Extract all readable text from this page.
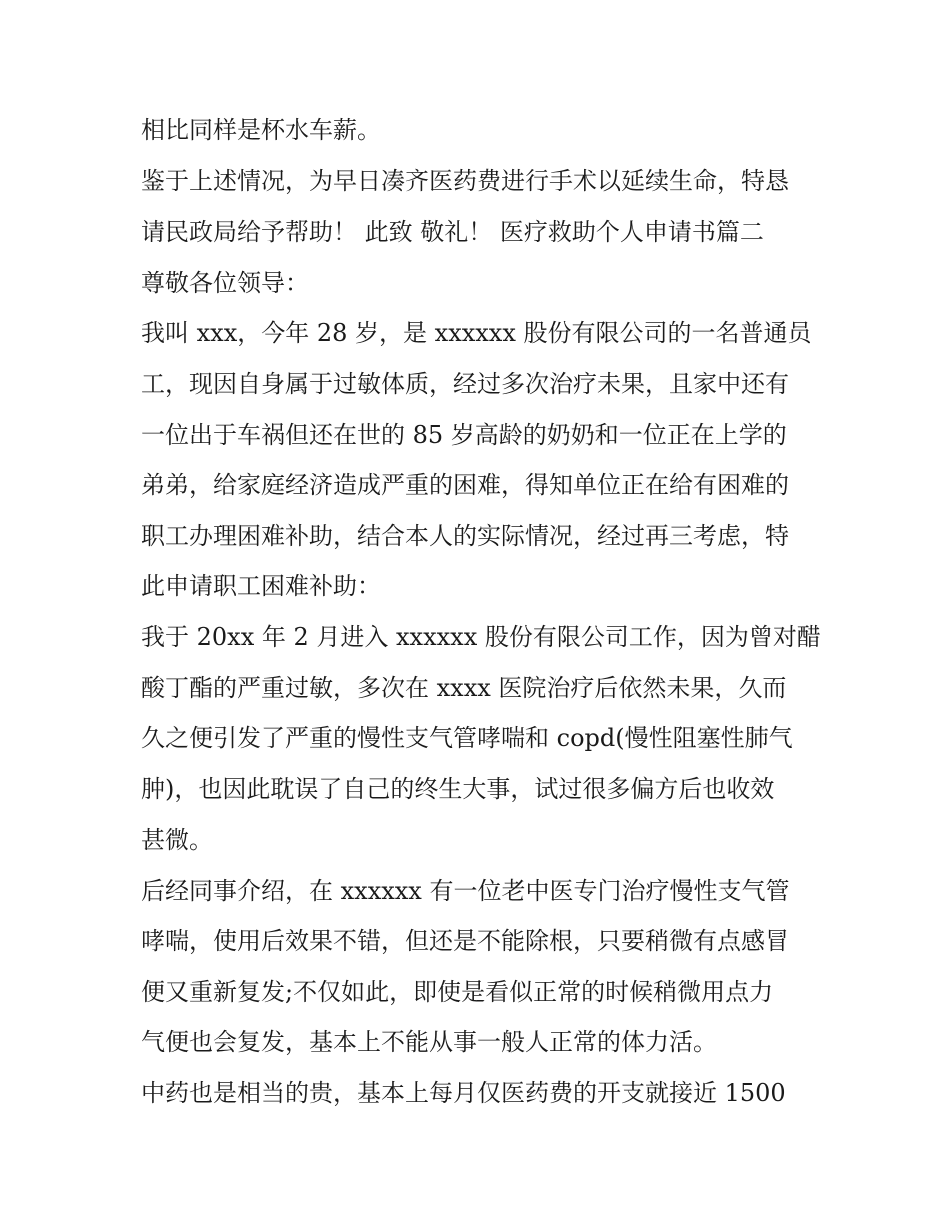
相比同样是杯水车薪。
鉴于上述情况，为早日凑齐医药费进行手术以延续生命，特恳
请民政局给予帮助！ 此致 敬礼！ 医疗救助个人申请书篇二
尊敬各位领导：
我叫 xxx，今年 28 岁，是 xxxxxx 股份有限公司的一名普通员
工，现因自身属于过敏体质，经过多次治疗未果，且家中还有
一位出于车祸但还在世的 85 岁高龄的奶奶和一位正在上学的
弟弟，给家庭经济造成严重的困难，得知单位正在给有困难的
职工办理困难补助，结合本人的实际情况，经过再三考虑，特
此申请职工困难补助：
我于 20xx 年 2 月进入 xxxxxx 股份有限公司工作，因为曾对醋
酸丁酯的严重过敏，多次在 xxxx 医院治疗后依然未果，久而
久之便引发了严重的慢性支气管哮喘和 copd(慢性阻塞性肺气
肿)，也因此耽误了自己的终生大事，试过很多偏方后也收效
甚微。
后经同事介绍，在 xxxxxx 有一位老中医专门治疗慢性支气管
哮喘，使用后效果不错，但还是不能除根，只要稍微有点感冒
便又重新复发;不仅如此，即使是看似正常的时候稍微用点力
气便也会复发，基本上不能从事一般人正常的体力活。
中药也是相当的贵，基本上每月仅医药费的开支就接近 1500
